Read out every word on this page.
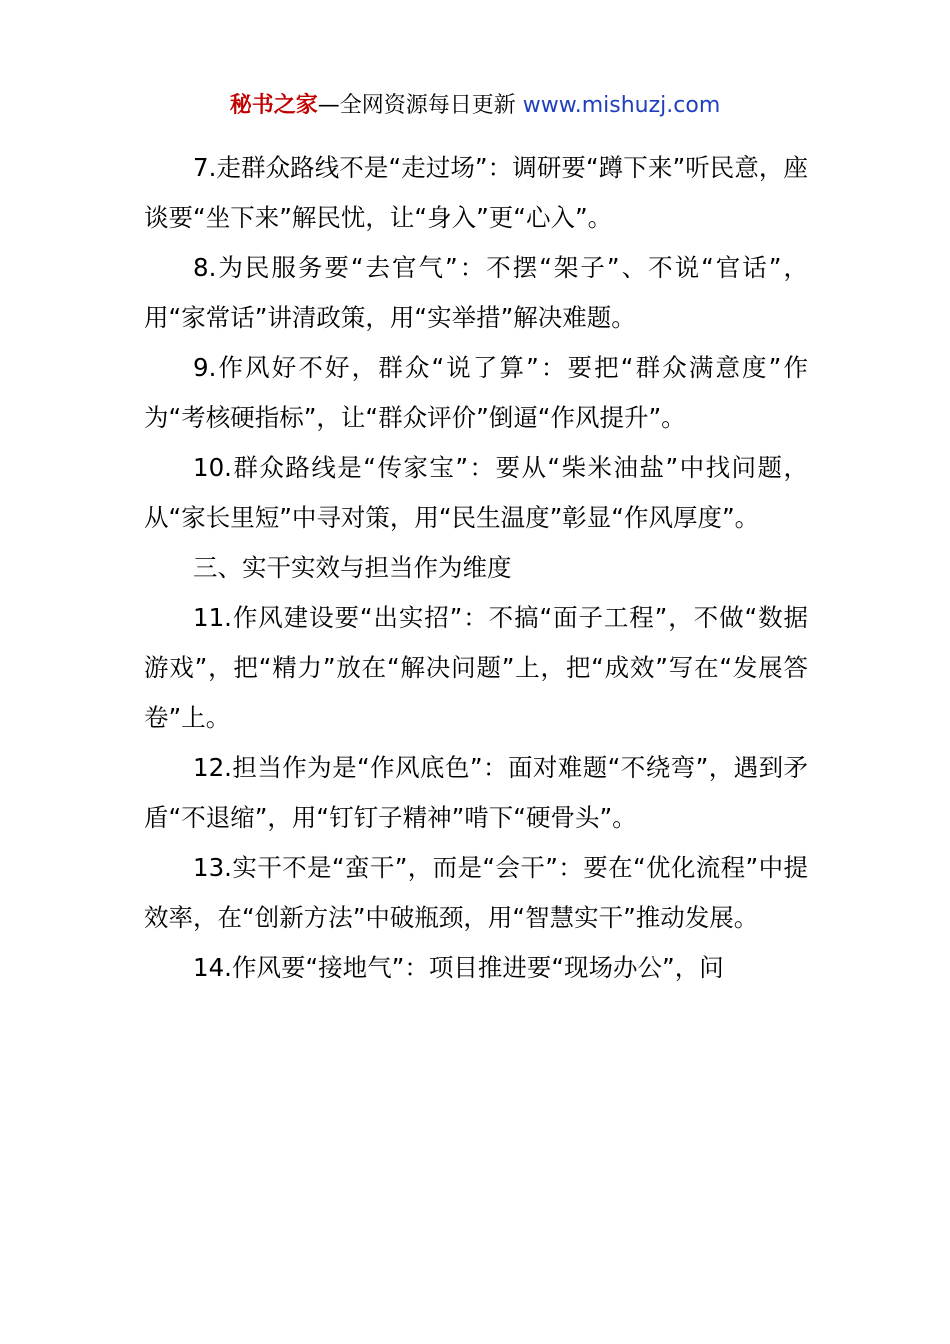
秘书之家—全网资源每日更新 www.mishuzj.com

7.走群众路线不是“走过场”：调研要“蹲下来”听民意，座谈要“坐下来”解民忧，让“身入”更“心入”。

8.为民服务要“去官气”：不摆“架子”、不说“官话”，用“家常话”讲清政策，用“实举措”解决难题。

9.作风好不好，群众“说了算”：要把“群众满意度”作为“考核硬指标”，让“群众评价”倒逼“作风提升”。

10.群众路线是“传家宝”：要从“柴米油盐”中找问题，从“家长里短”中寻对策，用“民生温度”彰显“作风厚度”。

三、实干实效与担当作为维度

11.作风建设要“出实招”：不搞“面子工程”，不做“数据游戏”，把“精力”放在“解决问题”上，把“成效”写在“发展答卷”上。

12.担当作为是“作风底色”：面对难题“不绕弯”，遇到矛盾“不退缩”，用“钉钉子精神”啃下“硬骨头”。

13.实干不是“蛮干”，而是“会干”：要在“优化流程”中提效率，在“创新方法”中破瓶颈，用“智慧实干”推动发展。

14.作风要“接地气”：项目推进要“现场办公”，问
